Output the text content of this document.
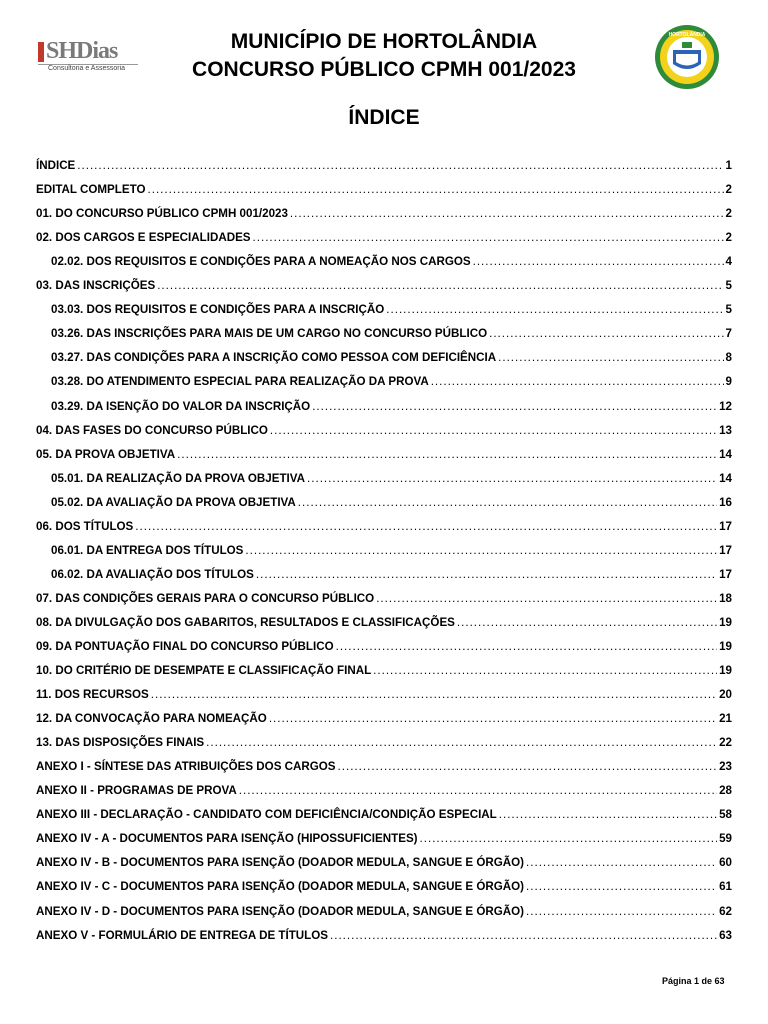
SHDias
Consultoria e Assessoria
MUNICÍPIO DE HORTOLÂNDIA
CONCURSO PÚBLICO CPMH 001/2023
HORTOLÂNDIA
ÍNDICE
ÍNDICE .....	1
EDITAL COMPLETO .....	2
01. DO CONCURSO PÚBLICO CPMH 001/2023 .....	2
02. DOS CARGOS E ESPECIALIDADES .....	2
02.02. DOS REQUISITOS E CONDIÇÕES PARA A NOMEAÇÃO NOS CARGOS .....	4
03. DAS INSCRIÇÕES .....	5
03.03. DOS REQUISITOS E CONDIÇÕES PARA A INSCRIÇÃO .....	5
03.26. DAS INSCRIÇÕES PARA MAIS DE UM CARGO NO CONCURSO PÚBLICO .....	7
03.27. DAS CONDIÇÕES PARA A INSCRIÇÃO COMO PESSOA COM DEFICIÊNCIA .....	8
03.28. DO ATENDIMENTO ESPECIAL PARA REALIZAÇÃO DA PROVA .....	9
03.29. DA ISENÇÃO DO VALOR DA INSCRIÇÃO .....	12
04. DAS FASES DO CONCURSO PÚBLICO .....	13
05. DA PROVA OBJETIVA .....	14
05.01. DA REALIZAÇÃO DA PROVA OBJETIVA .....	14
05.02. DA AVALIAÇÃO DA PROVA OBJETIVA .....	16
06. DOS TÍTULOS .....	17
06.01. DA ENTREGA DOS TÍTULOS .....	17
06.02. DA AVALIAÇÃO DOS TÍTULOS .....	17
07. DAS CONDIÇÕES GERAIS PARA O CONCURSO PÚBLICO .....	18
08. DA DIVULGAÇÃO DOS GABARITOS, RESULTADOS E CLASSIFICAÇÕES .....	19
09. DA PONTUAÇÃO FINAL DO CONCURSO PÚBLICO .....	19
10. DO CRITÉRIO DE DESEMPATE E CLASSIFICAÇÃO FINAL .....	19
11. DOS RECURSOS .....	20
12. DA CONVOCAÇÃO PARA NOMEAÇÃO .....	21
13. DAS DISPOSIÇÕES FINAIS .....	22
ANEXO I - SÍNTESE DAS ATRIBUIÇÕES DOS CARGOS .....	23
ANEXO II - PROGRAMAS DE PROVA .....	28
ANEXO III - DECLARAÇÃO - CANDIDATO COM DEFICIÊNCIA/CONDIÇÃO ESPECIAL .....	58
ANEXO IV - A - DOCUMENTOS PARA ISENÇÃO (HIPOSSUFICIENTES) .....	59
ANEXO IV - B - DOCUMENTOS PARA ISENÇÃO (DOADOR MEDULA, SANGUE E ÓRGÃO) .....	60
ANEXO IV - C - DOCUMENTOS PARA ISENÇÃO (DOADOR MEDULA, SANGUE E ÓRGÃO) .....	61
ANEXO IV - D - DOCUMENTOS PARA ISENÇÃO (DOADOR MEDULA, SANGUE E ÓRGÃO) .....	62
ANEXO V - FORMULÁRIO DE ENTREGA DE TÍTULOS .....	63
Página 1 de 63
